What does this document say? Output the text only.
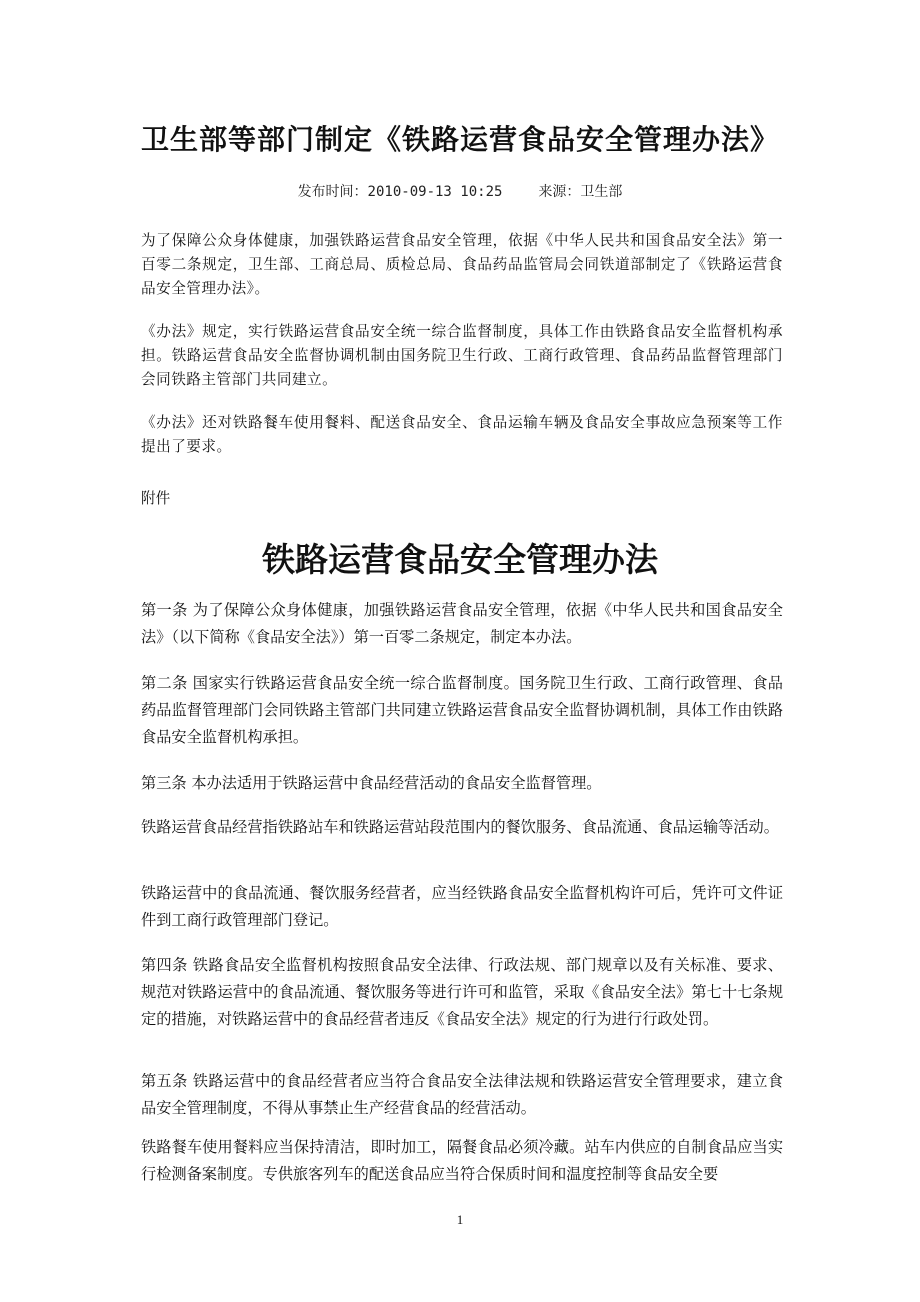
卫生部等部门制定《铁路运营食品安全管理办法》
发布时间：2010-09-13 10:25	来源：卫生部

为了保障公众身体健康，加强铁路运营食品安全管理，依据《中华人民共和国食品安全法》第一百零二条规定，卫生部、工商总局、质检总局、食品药品监管局会同铁道部制定了《铁路运营食品安全管理办法》。

《办法》规定，实行铁路运营食品安全统一综合监督制度，具体工作由铁路食品安全监督机构承担。铁路运营食品安全监督协调机制由国务院卫生行政、工商行政管理、食品药品监督管理部门会同铁路主管部门共同建立。

《办法》还对铁路餐车使用餐料、配送食品安全、食品运输车辆及食品安全事故应急预案等工作提出了要求。

附件
铁路运营食品安全管理办法

第一条 为了保障公众身体健康，加强铁路运营食品安全管理，依据《中华人民共和国食品安全法》（以下简称《食品安全法》）第一百零二条规定，制定本办法。

第二条 国家实行铁路运营食品安全统一综合监督制度。国务院卫生行政、工商行政管理、食品药品监督管理部门会同铁路主管部门共同建立铁路运营食品安全监督协调机制，具体工作由铁路食品安全监督机构承担。

第三条 本办法适用于铁路运营中食品经营活动的食品安全监督管理。

铁路运营食品经营指铁路站车和铁路运营站段范围内的餐饮服务、食品流通、食品运输等活动。

铁路运营中的食品流通、餐饮服务经营者，应当经铁路食品安全监督机构许可后，凭许可文件证件到工商行政管理部门登记。

第四条 铁路食品安全监督机构按照食品安全法律、行政法规、部门规章以及有关标准、要求、规范对铁路运营中的食品流通、餐饮服务等进行许可和监管，采取《食品安全法》第七十七条规定的措施，对铁路运营中的食品经营者违反《食品安全法》规定的行为进行行政处罚。

第五条 铁路运营中的食品经营者应当符合食品安全法律法规和铁路运营安全管理要求，建立食品安全管理制度，不得从事禁止生产经营食品的经营活动。

铁路餐车使用餐料应当保持清洁，即时加工，隔餐食品必须冷藏。站车内供应的自制食品应当实行检测备案制度。专供旅客列车的配送食品应当符合保质时间和温度控制等食品安全要

1
